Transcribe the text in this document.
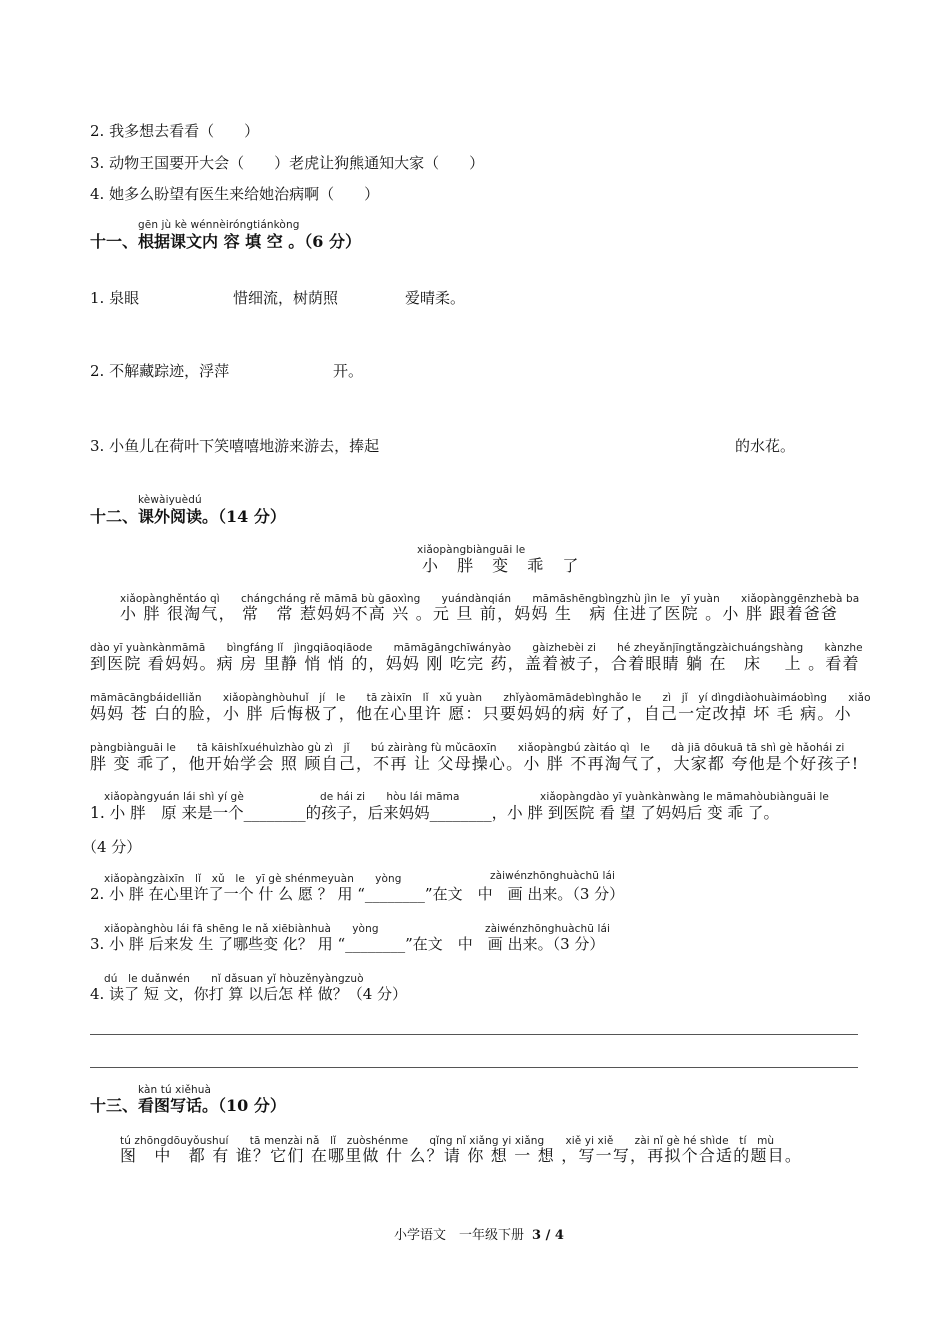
2. 我多想去看看（　　）
3. 动物王国要开大会（　　）老虎让狗熊通知大家（　　）
4. 她多么盼望有医生来给她治病啊（　　）
gēn jù kè wénnèiróngtiánkòng
十一、根据课文内 容 填 空 。（6 分）
1. 泉眼	惜细流，树荫照	爱晴柔。
2. 不解藏踪迹，浮萍	开。
3. 小鱼儿在荷叶下笑嘻嘻地游来游去，捧起	的水花。
kèwàiyuèdú
十二、课外阅读。（14 分）
xiǎopàngbiànguāi le
小 胖 变 乖 了
xiǎopànghěntáo qì　　chángcháng rě māmā bù gāoxìng　　yuándànqián　　māmāshēngbìngzhù jìn le　yī yuàn　　xiǎopànggēnzhebà ba
小 胖 很淘气， 常　常 惹妈妈不高 兴 。元 旦 前，妈妈 生　病 住进了医院 。小 胖 跟着爸爸
dào yī yuànkànmāmā　　bìngfáng lǐ　jìngqiāoqiāode　　māmāgāngchīwányào　　gàizhebèi zi　　hé zheyǎnjīngtǎngzàichuángshàng　　kànzhe
到医院 看妈妈。病 房 里静 悄 悄 的，妈妈 刚 吃完 药，盖着被子，合着眼睛 躺 在　床　 上 。看着
māmācāngbáidelliǎn　　xiǎopànghòuhuǐ　jí　le　　tā zàixīn　lǐ　xǔ yuàn　　zhǐyàomāmādebìnghǎo le　　zì　jǐ　yí dìngdiàohuàimáobìng　　xiǎo
妈妈 苍 白的脸，小 胖 后悔极了，他在心里许 愿：只要妈妈的病 好了，自己一定改掉 坏 毛 病。小
pàngbiànguāi le　　tā kāishǐxuéhuìzhào gù zì　jǐ　　bú zàiràng fù mǔcāoxīn　　xiǎopàngbú zàitáo qì　le　　dà jiā dōukuā tā shì gè hǎohái zi
胖 变 乖了，他开始学会 照 顾自己，不再 让 父母操心。小 胖 不再淘气了，大家都 夸他是个好孩子!
xiǎopàngyuán lái shì yí gè	de hái zi　　hòu lái māma	xiǎopàngdào yī yuànkànwàng le māmahòubiànguāi le
1. 小 胖　原 来是一个________的孩子，后来妈妈________，小 胖 到医院 看 望 了妈妈后 变 乖 了。
（4 分）
xiǎopàngzàixīn　lǐ　xǔ　le　yī gè shénmeyuàn　　yòng	zàiwénzhōnghuàchū lái
2. 小 胖 在心里许了一个 什 么 愿 ？ 用 “________”在文　中　画 出来。（3 分）
xiǎopànghòu lái fā shēng le nǎ xiēbiànhuà　　yòng	zàiwénzhōnghuàchū lái
3. 小 胖 后来发 生 了哪些变 化？ 用 “________”在文　中　画 出来。（3 分）
dú　le duǎnwén　　nǐ dǎsuan yǐ hòuzěnyàngzuò
4. 读了 短 文，你打 算 以后怎 样 做？（4 分）
kàn tú xiěhuà
十三、看图写话。（10 分）
tú zhōngdōuyǒushuí　　tā menzài nǎ　lǐ　zuòshénme　　qǐng nǐ xiǎng yi xiǎng　　xiě yi xiě　　zài nǐ gè hé shìde　tí　mù
图　中　都 有 谁？它们 在哪里做 什 么？请 你 想 一 想 ，写一写，再拟个合适的题目。
小学语文　一年级下册 3 / 4
